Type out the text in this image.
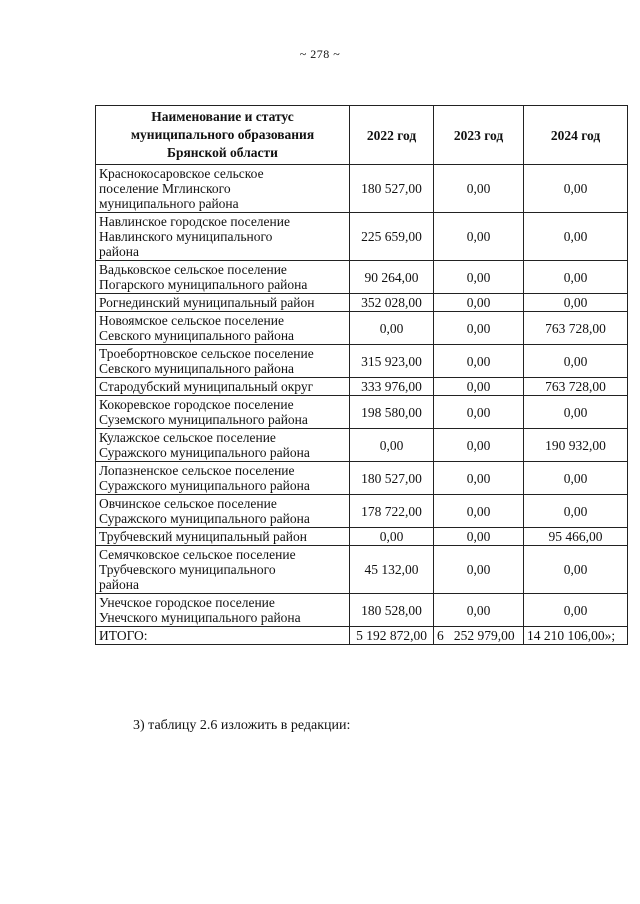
~ 278 ~
Наименование и статус
муниципального образования
Брянской области	2022 год	2023 год	2024 год
Краснокосаровское сельское
поселение Мглинского
муниципального района	180 527,00	0,00	0,00
Навлинское городское поселение
Навлинского муниципального
района	225 659,00	0,00	0,00
Вадьковское сельское поселение
Погарского муниципального района	90 264,00	0,00	0,00
Рогнединский муниципальный район	352 028,00	0,00	0,00
Новоямское сельское поселение
Севского муниципального района	0,00	0,00	763 728,00
Троебортновское сельское поселение
Севского муниципального района	315 923,00	0,00	0,00
Стародубский муниципальный округ	333 976,00	0,00	763 728,00
Кокоревское городское поселение
Суземского муниципального района	198 580,00	0,00	0,00
Кулажское сельское поселение
Суражского муниципального района	0,00	0,00	190 932,00
Лопазненское сельское поселение
Суражского муниципального района	180 527,00	0,00	0,00
Овчинское сельское поселение
Суражского муниципального района	178 722,00	0,00	0,00
Трубчевский муниципальный район	0,00	0,00	95 466,00
Семячковское сельское поселение
Трубчевского муниципального
района	45 132,00	0,00	0,00
Унечское городское поселение
Унечского муниципального района	180 528,00	0,00	0,00
ИТОГО:	5 192 872,00	6   252 979,00	14 210 106,00»;
3) таблицу 2.6 изложить в редакции:
